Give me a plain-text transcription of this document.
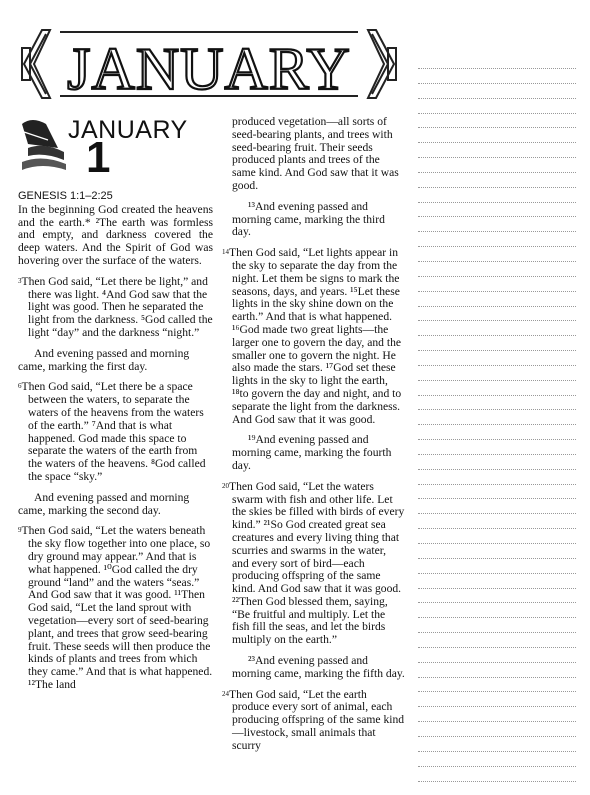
JANUARY
JANUARY
1
GENESIS 1:1–2:25

In the beginning God created the heavens and the earth.* ²The earth was formless and empty, and darkness covered the deep waters. And the Spirit of God was hovering over the surface of the waters.

$^3$Then God said, “Let there be light,” and there was light. ⁴And God saw that the light was good. Then he separated the light from the darkness. ⁵God called the light “day” and the darkness “night.”

And evening passed and morning came, marking the first day.

$^6$Then God said, “Let there be a space between the waters, to separate the waters of the heavens from the waters of the earth.” ⁷And that is what happened. God made this space to separate the waters of the earth from the waters of the heavens. ⁸God called the space “sky.”

And evening passed and morning came, marking the second day.

$^9$Then God said, “Let the waters beneath the sky flow together into one place, so dry ground may appear.” And that is what happened. ¹⁰God called the dry ground “land” and the waters “seas.” And God saw that it was good. ¹¹Then God said, “Let the land sprout with vegetation—every sort of seed-bearing plant, and trees that grow seed-bearing fruit. These seeds will then produce the kinds of plants and trees from which they came.” And that is what happened. ¹²The land

produced vegetation—all sorts of seed-bearing plants, and trees with seed-bearing fruit. Their seeds produced plants and trees of the same kind. And God saw that it was good.

¹³And evening passed and morning came, marking the third day.

$^{14}$Then God said, “Let lights appear in the sky to separate the day from the night. Let them be signs to mark the seasons, days, and years. ¹⁵Let these lights in the sky shine down on the earth.” And that is what happened. ¹⁶God made two great lights—the larger one to govern the day, and the smaller one to govern the night. He also made the stars. ¹⁷God set these lights in the sky to light the earth, ¹⁸to govern the day and night, and to separate the light from the darkness. And God saw that it was good.

¹⁹And evening passed and morning came, marking the fourth day.

$^{20}$Then God said, “Let the waters swarm with fish and other life. Let the skies be filled with birds of every kind.” ²¹So God created great sea creatures and every living thing that scurries and swarms in the water, and every sort of bird—each producing offspring of the same kind. And God saw that it was good. ²²Then God blessed them, saying, “Be fruitful and multiply. Let the fish fill the seas, and let the birds multiply on the earth.”

²³And evening passed and morning came, marking the fifth day.

$^{24}$Then God said, “Let the earth produce every sort of animal, each producing offspring of the same kind—livestock, small animals that scurry
